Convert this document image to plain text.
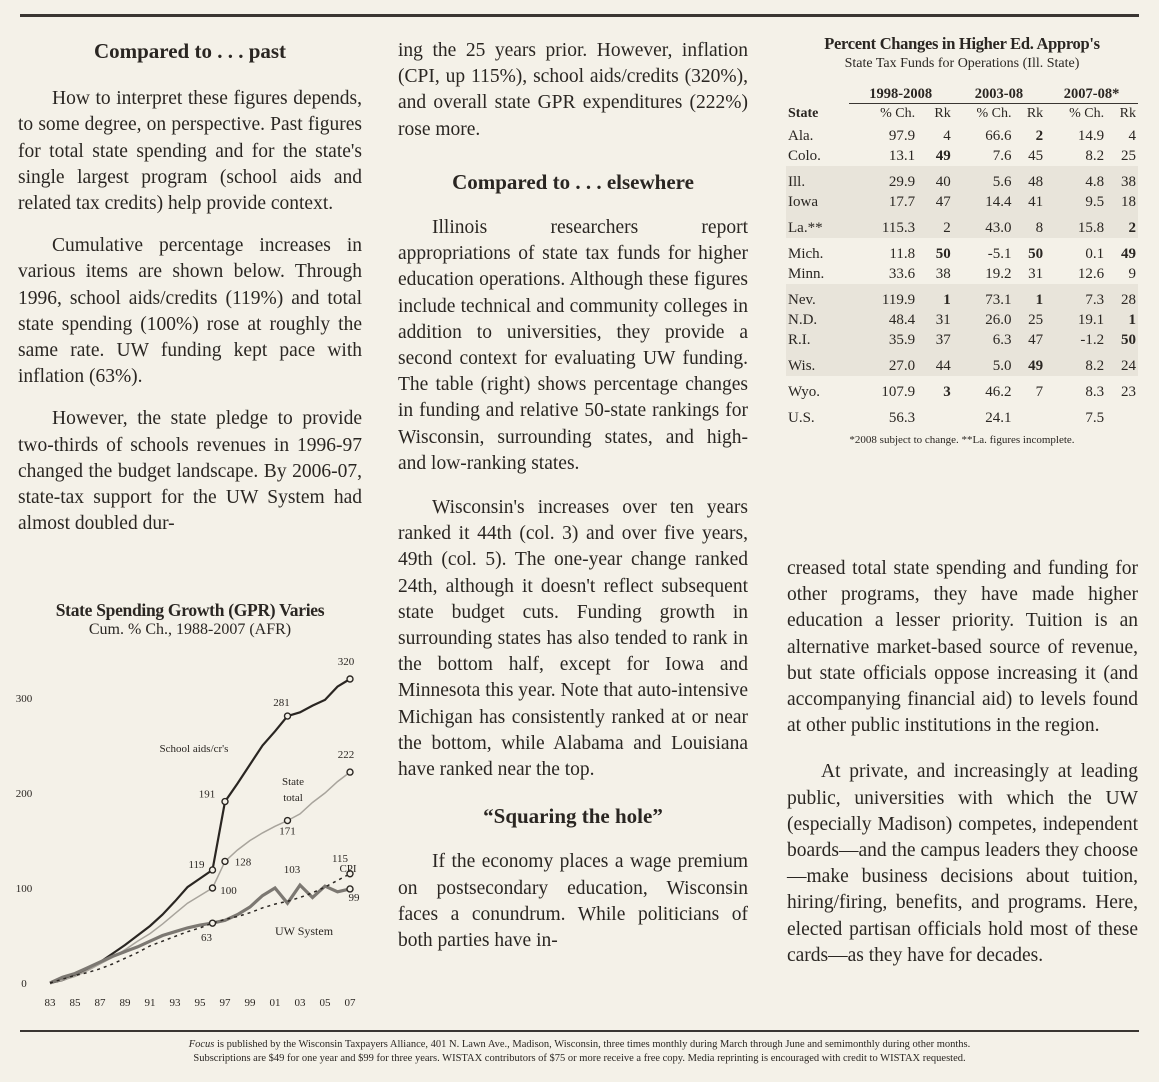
Compared to . . . past

How to interpret these figures depends, to some degree, on perspective. Past figures for total state spending and for the state's single largest program (school aids and related tax credits) help provide context.

Cumulative percentage increases in various items are shown below. Through 1996, school aids/credits (119%) and total state spending (100%) rose at roughly the same rate. UW funding kept pace with inflation (63%).

However, the state pledge to provide two-thirds of schools revenues in 1996-97 changed the budget landscape. By 2006-07, state-tax support for the UW System had almost doubled dur-

State Spending Growth (GPR) Varies
Cum. % Ch., 1988-2007 (AFR)
0
100
200
300
83 85 87 89 91 93 95 97 99 01 03 05 07
320
281
222
191
171
119	128
103
115
100
99
63
School aids/cr's
State
total
UW System
CPI

ing the 25 years prior. However, inflation (CPI, up 115%), school aids/credits (320%), and overall state GPR expenditures (222%) rose more.

Compared to . . . elsewhere

Illinois researchers report appropriations of state tax funds for higher education operations. Although these figures include technical and community colleges in addition to universities, they provide a second context for evaluating UW funding. The table (right) shows percentage changes in funding and relative 50-state rankings for Wisconsin, surrounding states, and high- and low-ranking states.

Wisconsin's increases over ten years ranked it 44th (col. 3) and over five years, 49th (col. 5). The one-year change ranked 24th, although it doesn't reflect subsequent state budget cuts. Funding growth in surrounding states has also tended to rank in the bottom half, except for Iowa and Minnesota this year. Note that auto-intensive Michigan has consistently ranked at or near the bottom, while Alabama and Louisiana have ranked near the top.

“Squaring the hole”

If the economy places a wage premium on postsecondary education, Wisconsin faces a conundrum. While politicians of both parties have in-

Percent Changes in Higher Ed. Approp's
State Tax Funds for Operations (Ill. State)
	1998-2008		2003-08		2007-08*	
State	% Ch.	Rk	% Ch.	Rk	% Ch.	Rk
Ala.	97.9	4	66.6	2	14.9	4
Colo.	13.1	49	7.6	45	8.2	25
Ill.	29.9	40	5.6	48	4.8	38
Iowa	17.7	47	14.4	41	9.5	18
La.**	115.3	2	43.0	8	15.8	2
Mich.	11.8	50	-5.1	50	0.1	49
Minn.	33.6	38	19.2	31	12.6	9
Nev.	119.9	1	73.1	1	7.3	28
N.D.	48.4	31	26.0	25	19.1	1
R.I.	35.9	37	6.3	47	-1.2	50
Wis.	27.0	44	5.0	49	8.2	24
Wyo.	107.9	3	46.2	7	8.3	23
U.S.	56.3		24.1		7.5	
*2008 subject to change. **La. figures incomplete.

creased total state spending and funding for other programs, they have made higher education a lesser priority. Tuition is an alternative market-based source of revenue, but state officials oppose increasing it (and accompanying financial aid) to levels found at other public institutions in the region.

At private, and increasingly at leading public, universities with which the UW (especially Madison) competes, independent boards—and the campus leaders they choose—make business decisions about tuition, hiring/firing, benefits, and programs. Here, elected partisan officials hold most of these cards—as they have for decades.

Focus is published by the Wisconsin Taxpayers Alliance, 401 N. Lawn Ave., Madison, Wisconsin, three times monthly during March through June and semimonthly during other months.
Subscriptions are $49 for one year and $99 for three years. WISTAX contributors of $75 or more receive a free copy. Media reprinting is encouraged with credit to WISTAX requested.
